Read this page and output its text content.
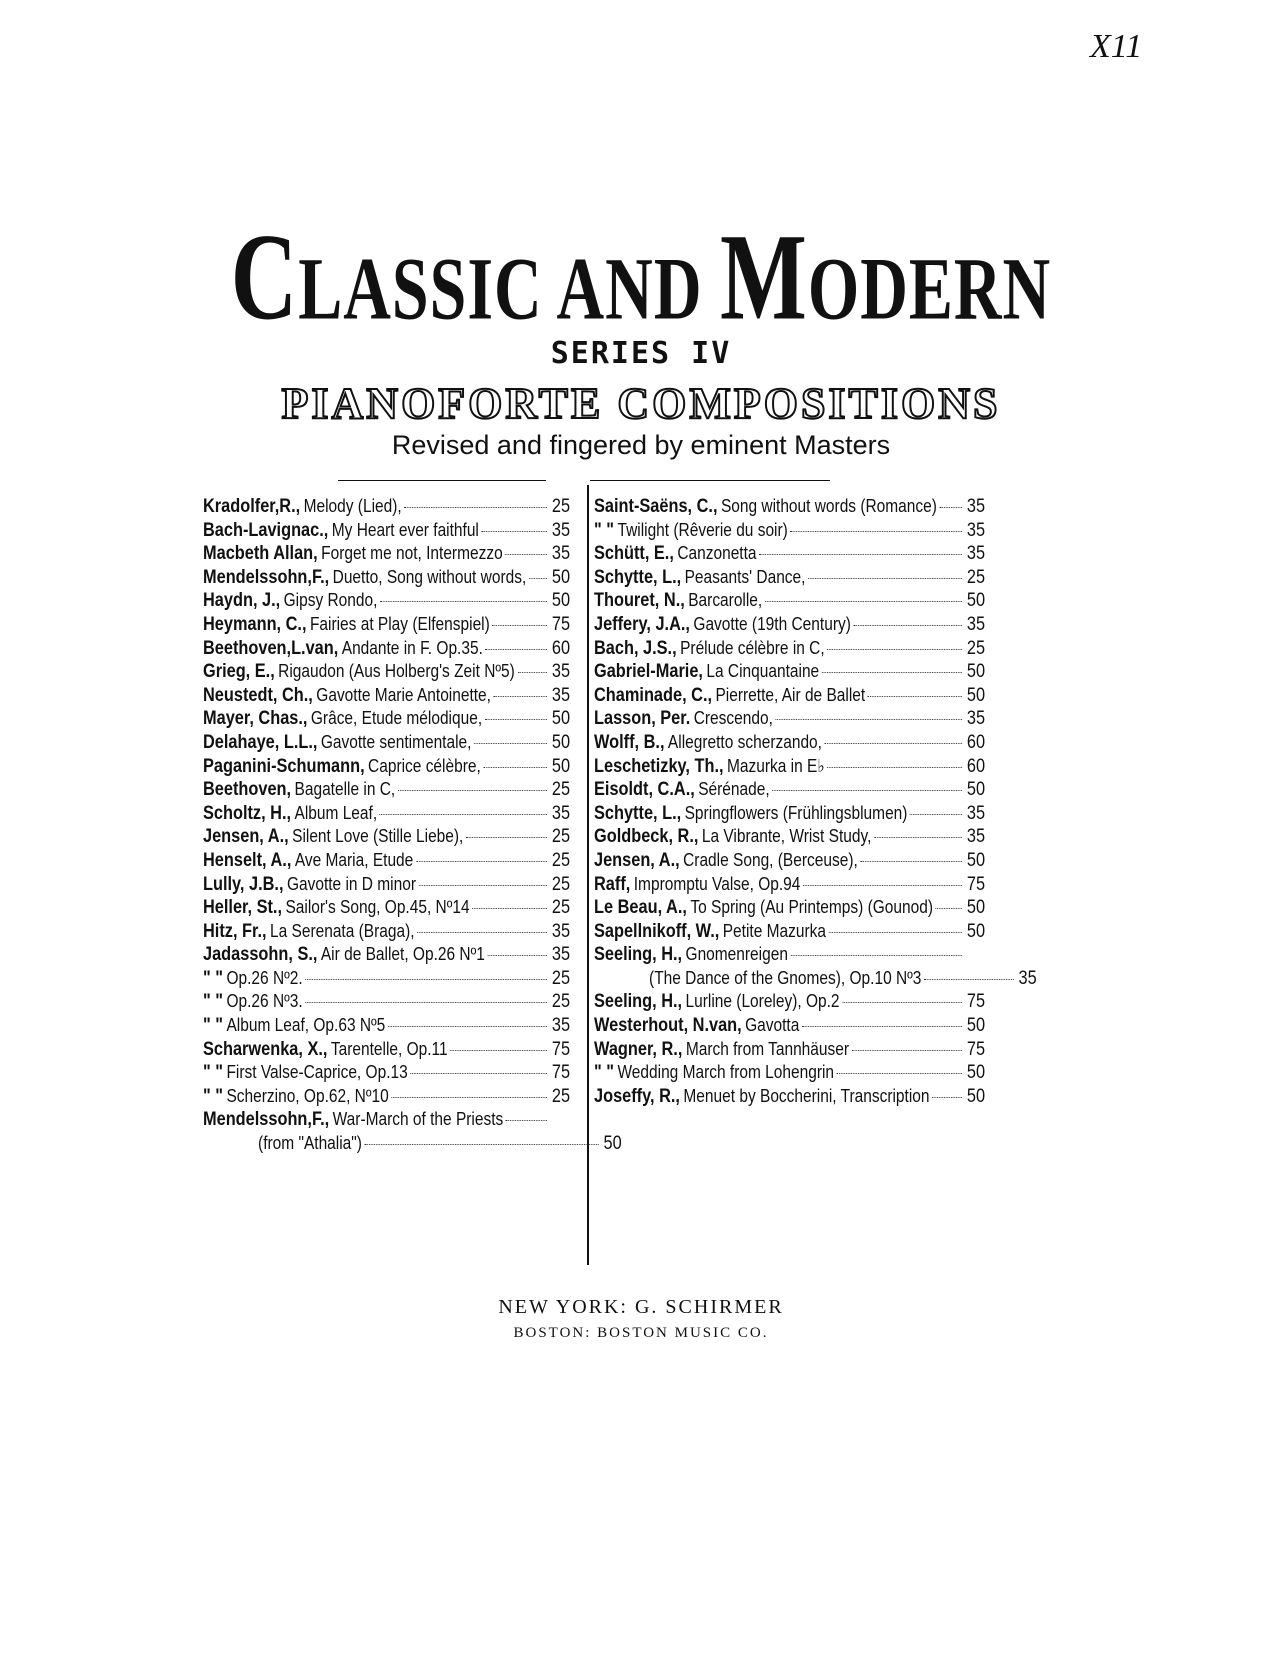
X11
CLASSIC AND MODERN
SERIES IV
PIANOFORTE COMPOSITIONS
Revised and fingered by eminent Masters
Kradolfer,R., Melody (Lied),	25
Bach-Lavignac., My Heart ever faithful	35
Macbeth Allan, Forget me not, Intermezzo	35
Mendelssohn,F., Duetto, Song without words, 50
Haydn, J., Gipsy Rondo,	50
Heymann, C., Fairies at Play (Elfenspiel)	75
Beethoven,L.van, Andante in F. Op.35.	60
Grieg, E., Rigaudon (Aus Holberg's Zeit Nº5) 35
Neustedt, Ch., Gavotte Marie Antoinette,	35
Mayer, Chas., Grâce, Etude mélodique,	50
Delahaye, L.L., Gavotte sentimentale,	50
Paganini-Schumann, Caprice célèbre,	50
Beethoven, Bagatelle in C,	25
Scholtz, H., Album Leaf,	35
Jensen, A., Silent Love (Stille Liebe),	25
Henselt, A., Ave Maria, Etude	25
Lully, J.B., Gavotte in D minor	25
Heller, St., Sailor's Song, Op.45, Nº14	25
Hitz, Fr., La Serenata (Braga),	35
Jadassohn, S., Air de Ballet, Op.26 Nº1	35
" " Op.26 Nº2.	25
" " Op.26 Nº3.	25
" " Album Leaf, Op.63 Nº5	35
Scharwenka, X., Tarentelle, Op.11	75
" " First Valse-Caprice, Op.13	75
" " Scherzino, Op.62, Nº10	25
Mendelssohn,F., War-March of the Priests
(from "Athalia")	50
Saint-Saëns, C., Song without words (Romance) 35
" " Twilight (Rêverie du soir)	35
Schütt, E., Canzonetta	35
Schytte, L., Peasants' Dance,	25
Thouret, N., Barcarolle,	50
Jeffery, J.A., Gavotte (19th Century)	35
Bach, J.S., Prélude célèbre in C,	25
Gabriel-Marie, La Cinquantaine	50
Chaminade, C., Pierrette, Air de Ballet	50
Lasson, Per. Crescendo,	35
Wolff, B., Allegretto scherzando,	60
Leschetizky, Th., Mazurka in E♭	60
Eisoldt, C.A., Sérénade,	50
Schytte, L., Springflowers (Frühlingsblumen)	35
Goldbeck, R., La Vibrante, Wrist Study,	35
Jensen, A., Cradle Song, (Berceuse),	50
Raff, Impromptu Valse, Op.94	75
Le Beau, A., To Spring (Au Printemps) (Gounod) 50
Sapellnikoff, W., Petite Mazurka	50
Seeling, H., Gnomenreigen
(The Dance of the Gnomes), Op.10 Nº3	35
Seeling, H., Lurline (Loreley), Op.2	75
Westerhout, N.van, Gavotta	50
Wagner, R., March from Tannhäuser	75
" " Wedding March from Lohengrin	50
Joseffy, R., Menuet by Boccherini, Transcription 50
NEW YORK: G. SCHIRMER
BOSTON: BOSTON MUSIC CO.
